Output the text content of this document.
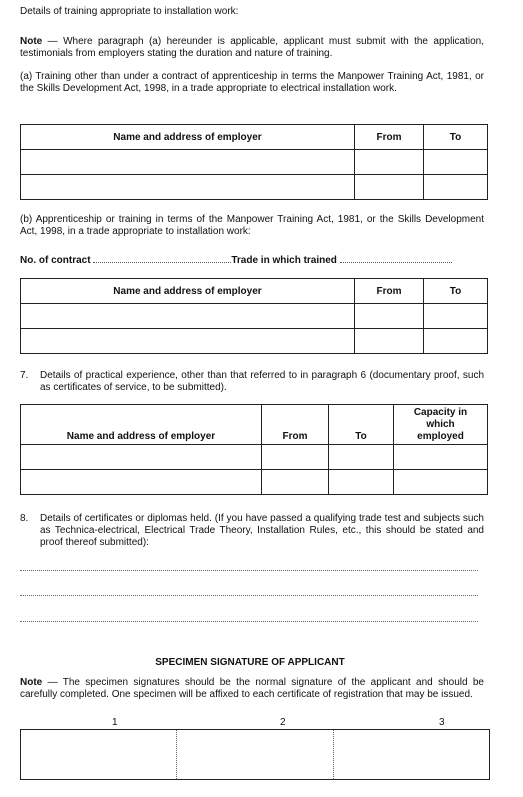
Details of training appropriate to installation work:
Note — Where paragraph (a) hereunder is applicable, applicant must submit with the application, testimonials from employers stating the duration and nature of training.
(a) Training other than under a contract of apprenticeship in terms the Manpower Training Act, 1981, or the Skills Development Act, 1998, in a trade appropriate to electrical installation work.
Name and address of employer	From	To

(b) Apprenticeship or training in terms of the Manpower Training Act, 1981, or the Skills Development Act, 1998, in a trade appropriate to installation work:
No. of contract	Trade in which trained
Name and address of employer	From	To

7. Details of practical experience, other than that referred to in paragraph 6 (documentary proof, such as certificates of service, to be submitted).
Name and address of employer	From	To	Capacity in which employed

8. Details of certificates or diplomas held. (If you have passed a qualifying trade test and subjects such as Technica-electrical, Electrical Trade Theory, Installation Rules, etc., this should be stated and proof thereof submitted):
SPECIMEN SIGNATURE OF APPLICANT
Note — The specimen signatures should be the normal signature of the applicant and should be carefully completed. One specimen will be affixed to each certificate of registration that may be issued.
1	2	3
